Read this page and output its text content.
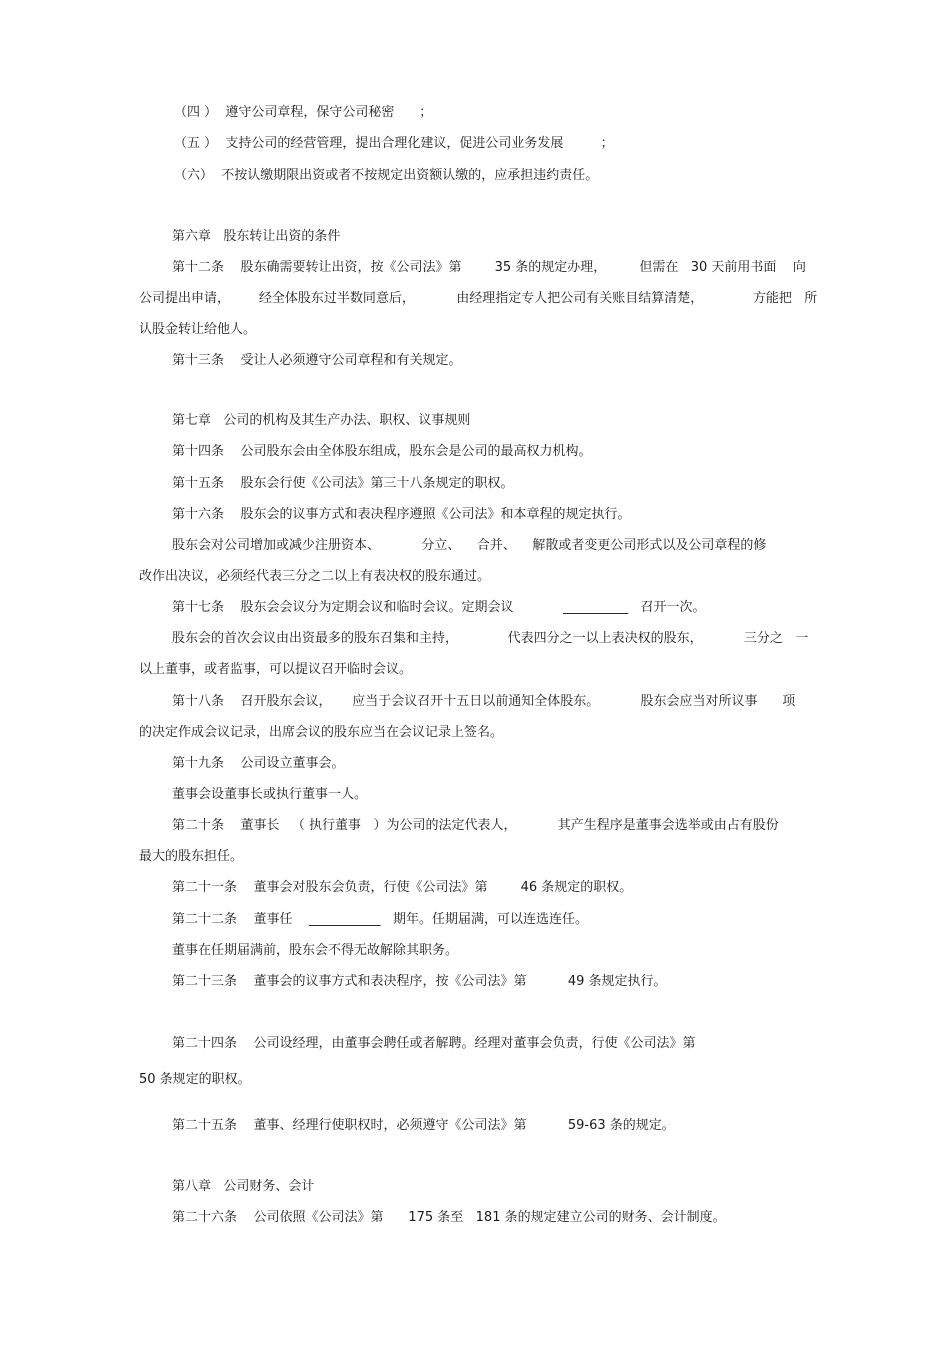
（四 ）  遵守公司章程，保守公司秘密      ；

（五 ）  支持公司的经营管理，提出合理化建议，促进公司业务发展         ；

（六）  不按认缴期限出资或者不按规定出资额认缴的，应承担违约责任。

第六章   股东转让出资的条件

第十二条    股东确需要转让出资，按《公司法》第        35 条的规定办理，        但需在   30 天前用书面    向

公司提出申请，       经全体股东过半数同意后，          由经理指定专人把公司有关账目结算清楚，            方能把   所

认股金转让给他人。

第十三条    受让人必须遵守公司章程和有关规定。

第七章   公司的机构及其生产办法、职权、议事规则

第十四条    公司股东会由全体股东组成，股东会是公司的最高权力机构。

第十五条    股东会行使《公司法》第三十八条规定的职权。

第十六条    股东会的议事方式和表决程序遵照《公司法》和本章程的规定执行。

股东会对公司增加或减少注册资本、          分立、    合并、    解散或者变更公司形式以及公司章程的修

改作出决议，必须经代表三分之二以上有表决权的股东通过。

第十七条    股东会会议分为定期会议和临时会议。定期会议            __________   召开一次。

股东会的首次会议由出资最多的股东召集和主持，            代表四分之一以上表决权的股东，          三分之   一

以上董事，或者监事，可以提议召开临时会议。

第十八条    召开股东会议，     应当于会议召开十五日以前通知全体股东。          股东会应当对所议事      项

的决定作成会议记录，出席会议的股东应当在会议记录上签名。

第十九条    公司设立董事会。

董事会设董事长或执行董事一人。

第二十条    董事长   （ 执行董事   ）为公司的法定代表人，          其产生程序是董事会选举或由占有股份

最大的股东担任。

第二十一条    董事会对股东会负责，行使《公司法》第        46 条规定的职权。

第二十二条    董事任    ___________   期年。任期届满，可以连选连任。

董事在任期届满前，股东会不得无故解除其职务。

第二十三条    董事会的议事方式和表决程序，按《公司法》第          49 条规定执行。

第二十四条    公司设经理，由董事会聘任或者解聘。经理对董事会负责，行使《公司法》第

50 条规定的职权。

第二十五条    董事、经理行使职权时，必须遵守《公司法》第          59-63 条的规定。

第八章   公司财务、会计

第二十六条    公司依照《公司法》第      175 条至   181 条的规定建立公司的财务、会计制度。
